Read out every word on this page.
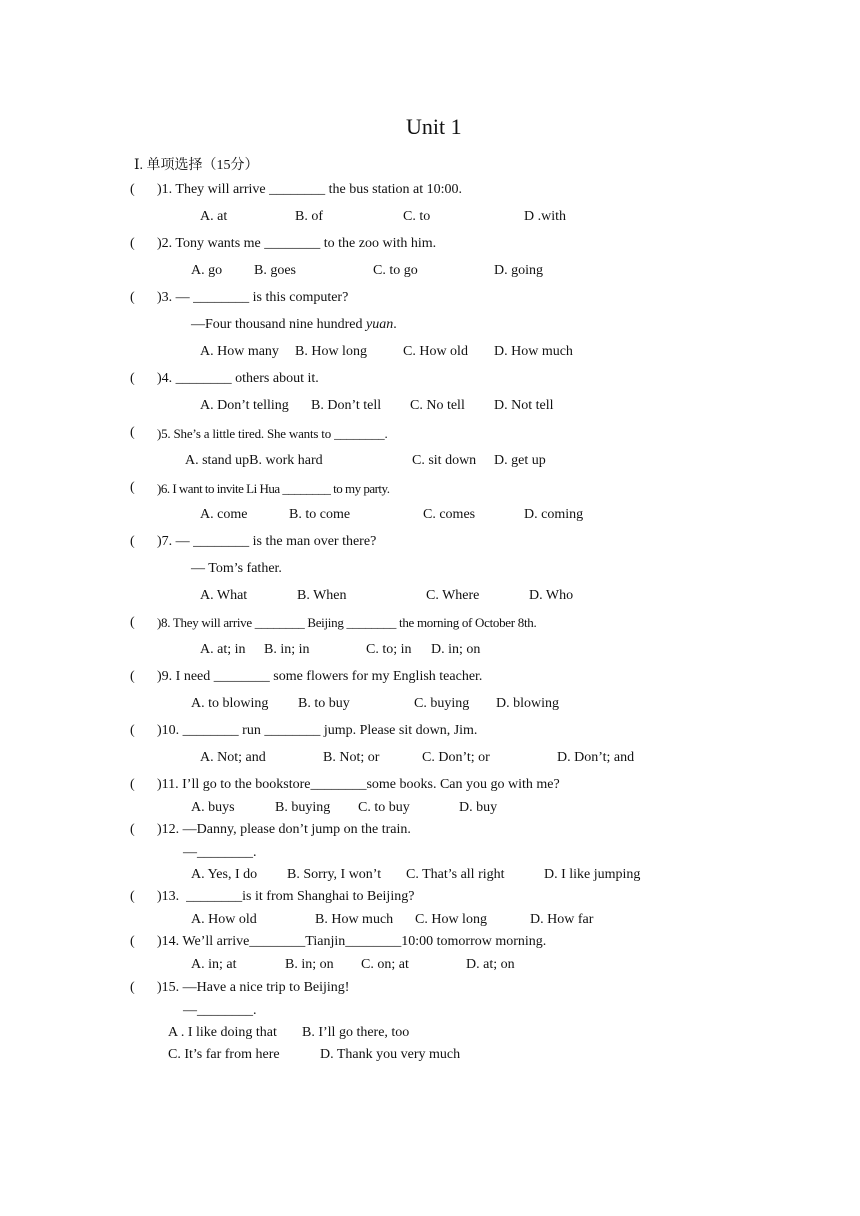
Unit 1
Ⅰ. 单项选择（15分）
( )1. They will arrive ________ the bus station at 10:00.
A. at	B. of	C. to	D .with
( )2. Tony wants me ________ to the zoo with him.
A. go B. goes	C. to go	D. going
( )3. — ________ is this computer?
—Four thousand nine hundred yuan.
A. How many B. How long	C. How old D. How much
( )4. ________ others about it.
A. Don’t telling B. Don’t tell C. No tell D. Not tell
( )5. She’s a little tired. She wants to ________.
A. stand upB. work hard	C. sit down D. get up
( )6. I want to invite Li Hua ________ to my party.
A. come	B. to come	C. comes	D. coming
( )7. — ________ is the man over there?
— Tom’s father.
A. What	B. When	C. Where	D. Who
( )8. They will arrive ________ Beijing ________ the morning of October 8th.
A. at; in B. in; in	C. to; in D. in; on
( )9. I need ________ some flowers for my English teacher.
A. to blowing B. to buy	C. buying D. blowing
( )10. ________ run ________ jump. Please sit down, Jim.
A. Not; and	B. Not; or	C. Don’t; or	D. Don’t; and
( )11. I’ll go to the bookstore________some books. Can you go with me?
A. buys	B. buying C. to buy	D. buy
( )12. —Danny, please don’t jump on the train.
—________.
A. Yes, I do B. Sorry, I won’t C. That’s all right	D. I like jumping
( )13.  ________is it from Shanghai to Beijing?
A. How old	B. How much C. How long	D. How far
( )14. We’ll arrive________Tianjin________10:00 tomorrow morning.
A. in; at	B. in; on C. on; at	D. at; on
( )15. —Have a nice trip to Beijing!
—________.
A . I like doing that B. I’ll go there, too
C. It’s far from here	D. Thank you very much
